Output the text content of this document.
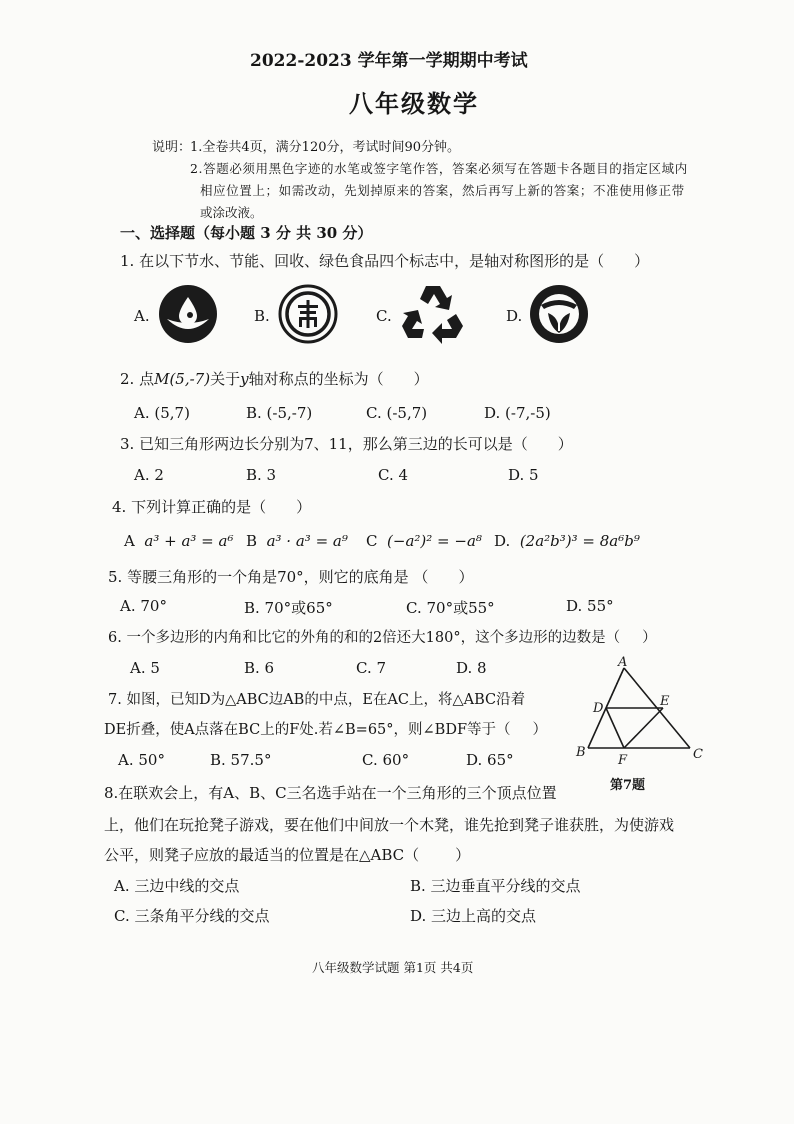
2022-2023 学年第一学期期中考试
八年级数学
说明：
1.全卷共4页，满分120分，考试时间90分钟。
2.答题必须用黑色字迹的水笔或签字笔作答，答案必须写在答题卡各题目的指定区域内
相应位置上；如需改动，先划掉原来的答案，然后再写上新的答案；不准使用修正带
或涂改液。
一、选择题（每小题 3 分 共 30 分）
1. 在以下节水、节能、回收、绿色食品四个标志中，是轴对称图形的是（ ）
A.	B.	C.	D.
2. 点M(5,-7)关于y轴对称点的坐标为（ ）
A. (5,7)	B. (-5,-7)	C. (-5,7)	D. (-7,-5)
3. 已知三角形两边长分别为7、11，那么第三边的长可以是（ ）
A. 2	B. 3	C. 4	D. 5
4. 下列计算正确的是（ ）
A a³ + a³ = a⁶ B a³ · a³ = a⁹ C (−a²)² = −a⁸ D. (2a²b³)³ = 8a⁶b⁹
5. 等腰三角形的一个角是70°，则它的底角是 （ ）
A. 70°	B. 70°或65°	C. 70°或55°	D. 55°
6. 一个多边形的内角和比它的外角的和的2倍还大180°，这个多边形的边数是（ ）
A. 5	B. 6	C. 7	D. 8
7. 如图，已知D为△ABC边AB的中点，E在AC上，将△ABC沿着
DE折叠，使A点落在BC上的F处.若∠B=65°，则∠BDF等于（ ）
A. 50°	B. 57.5°	C. 60°	D. 65°
A
B	C
D	E
F
第7题
8.在联欢会上，有A、B、C三名选手站在一个三角形的三个顶点位置
上，他们在玩抢凳子游戏，要在他们中间放一个木凳，谁先抢到凳子谁获胜，为使游戏
公平，则凳子应放的最适当的位置是在△ABC（ ）
A. 三边中线的交点	B. 三边垂直平分线的交点
C. 三条角平分线的交点	D. 三边上高的交点
八年级数学试题 第1页 共4页
